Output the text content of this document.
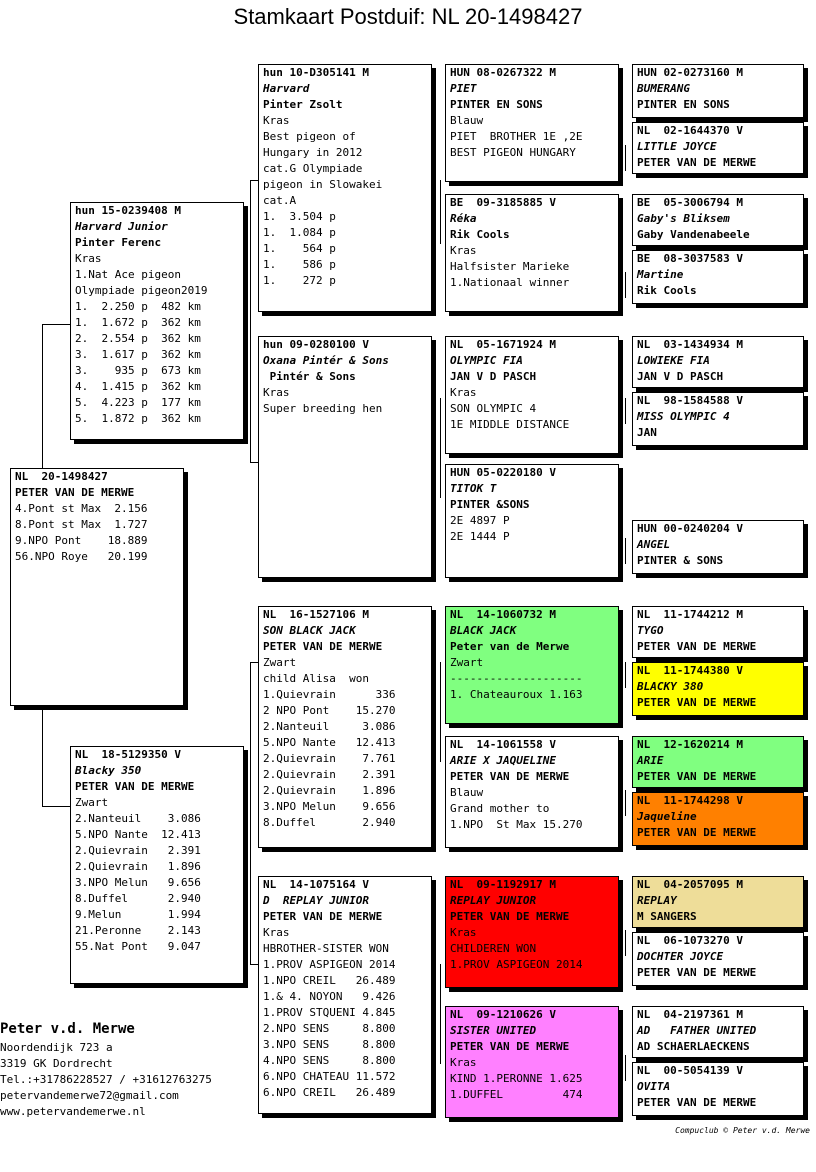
Stamkaart Postduif: NL 20-1498427
NL  20-1498427
PETER VAN DE MERWE
4.Pont st Max  2.156
8.Pont st Max  1.727
9.NPO Pont    18.889
56.NPO Roye   20.199
hun 15-0239408 M
Harvard Junior
Pinter Ferenc
Kras
1.Nat Ace pigeon
Olympiade pigeon2019
1.  2.250 p  482 km
1.  1.672 p  362 km
2.  2.554 p  362 km
3.  1.617 p  362 km
3.    935 p  673 km
4.  1.415 p  362 km
5.  4.223 p  177 km
5.  1.872 p  362 km
NL  18-5129350 V
Blacky 350
PETER VAN DE MERWE
Zwart
2.Nanteuil    3.086
5.NPO Nante  12.413
2.Quievrain   2.391
2.Quievrain   1.896
3.NPO Melun   9.656
8.Duffel      2.940
9.Melun       1.994
21.Peronne    2.143
55.Nat Pont   9.047
hun 10-D305141 M
Harvard
Pinter Zsolt
Kras
Best pigeon of
Hungary in 2012
cat.G Olympiade
pigeon in Slowakei
cat.A
1.  3.504 p
1.  1.084 p
1.    564 p
1.    586 p
1.    272 p
hun 09-0280100 V
Oxana Pintér & Sons
Pintér & Sons
Kras
Super breeding hen
NL  16-1527106 M
SON BLACK JACK
PETER VAN DE MERWE
Zwart
child Alisa  won
1.Quievrain      336
2 NPO Pont    15.270
2.Nanteuil     3.086
5.NPO Nante   12.413
2.Quievrain    7.761
2.Quievrain    2.391
2.Quievrain    1.896
3.NPO Melun    9.656
8.Duffel       2.940
NL  14-1075164 V
D  REPLAY JUNIOR
PETER VAN DE MERWE
Kras
HBROTHER-SISTER WON
1.PROV ASPIGEON 2014
1.NPO CREIL   26.489
1.& 4. NOYON   9.426
1.PROV STQUENI 4.845
2.NPO SENS     8.800
3.NPO SENS     8.800
4.NPO SENS     8.800
6.NPO CHATEAU 11.572
6.NPO CREIL   26.489
HUN 08-0267322 M
PIET
PINTER EN SONS
Blauw
PIET  BROTHER 1E ,2E
BEST PIGEON HUNGARY
BE  09-3185885 V
Réka
Rik Cools
Kras
Halfsister Marieke
1.Nationaal winner
NL  05-1671924 M
OLYMPIC FIA
JAN V D PASCH
Kras
SON OLYMPIC 4
1E MIDDLE DISTANCE
HUN 05-0220180 V
TITOK T
PINTER &SONS
2E 4897 P
2E 1444 P
NL  14-1060732 M
BLACK JACK
Peter van de Merwe
Zwart
--------------------
1. Chateauroux 1.163
NL  14-1061558 V
ARIE X JAQUELINE
PETER VAN DE MERWE
Blauw
Grand mother to
1.NPO  St Max 15.270
NL  09-1192917 M
REPLAY JUNIOR
PETER VAN DE MERWE
Kras
CHILDEREN WON
1.PROV ASPIGEON 2014
NL  09-1210626 V
SISTER UNITED
PETER VAN DE MERWE
Kras
KIND 1.PERONNE 1.625
1.DUFFEL         474
HUN 02-0273160 M
BUMERANG
PINTER EN SONS
NL  02-1644370 V
LITTLE JOYCE
PETER VAN DE MERWE
BE  05-3006794 M
Gaby's Bliksem
Gaby Vandenabeele
BE  08-3037583 V
Martine
Rik Cools
NL  03-1434934 M
LOWIEKE FIA
JAN V D PASCH
NL  98-1584588 V
MISS OLYMPIC 4
JAN
HUN 00-0240204 V
ANGEL
PINTER & SONS
NL  11-1744212 M
TYGO
PETER VAN DE MERWE
NL  11-1744380 V
BLACKY 380
PETER VAN DE MERWE
NL  12-1620214 M
ARIE
PETER VAN DE MERWE
NL  11-1744298 V
Jaqueline
PETER VAN DE MERWE
NL  04-2057095 M
REPLAY
M SANGERS
NL  06-1073270 V
DOCHTER JOYCE
PETER VAN DE MERWE
NL  04-2197361 M
AD   FATHER UNITED
AD SCHAERLAECKENS
NL  00-5054139 V
OVITA
PETER VAN DE MERWE
Peter v.d. Merwe
Noordendijk 723 a
3319 GK Dordrecht
Tel.:+31786228527 / +31612763275
petervandemerwe72@gmail.com
www.petervandemerwe.nl
Compuclub © Peter v.d. Merwe
